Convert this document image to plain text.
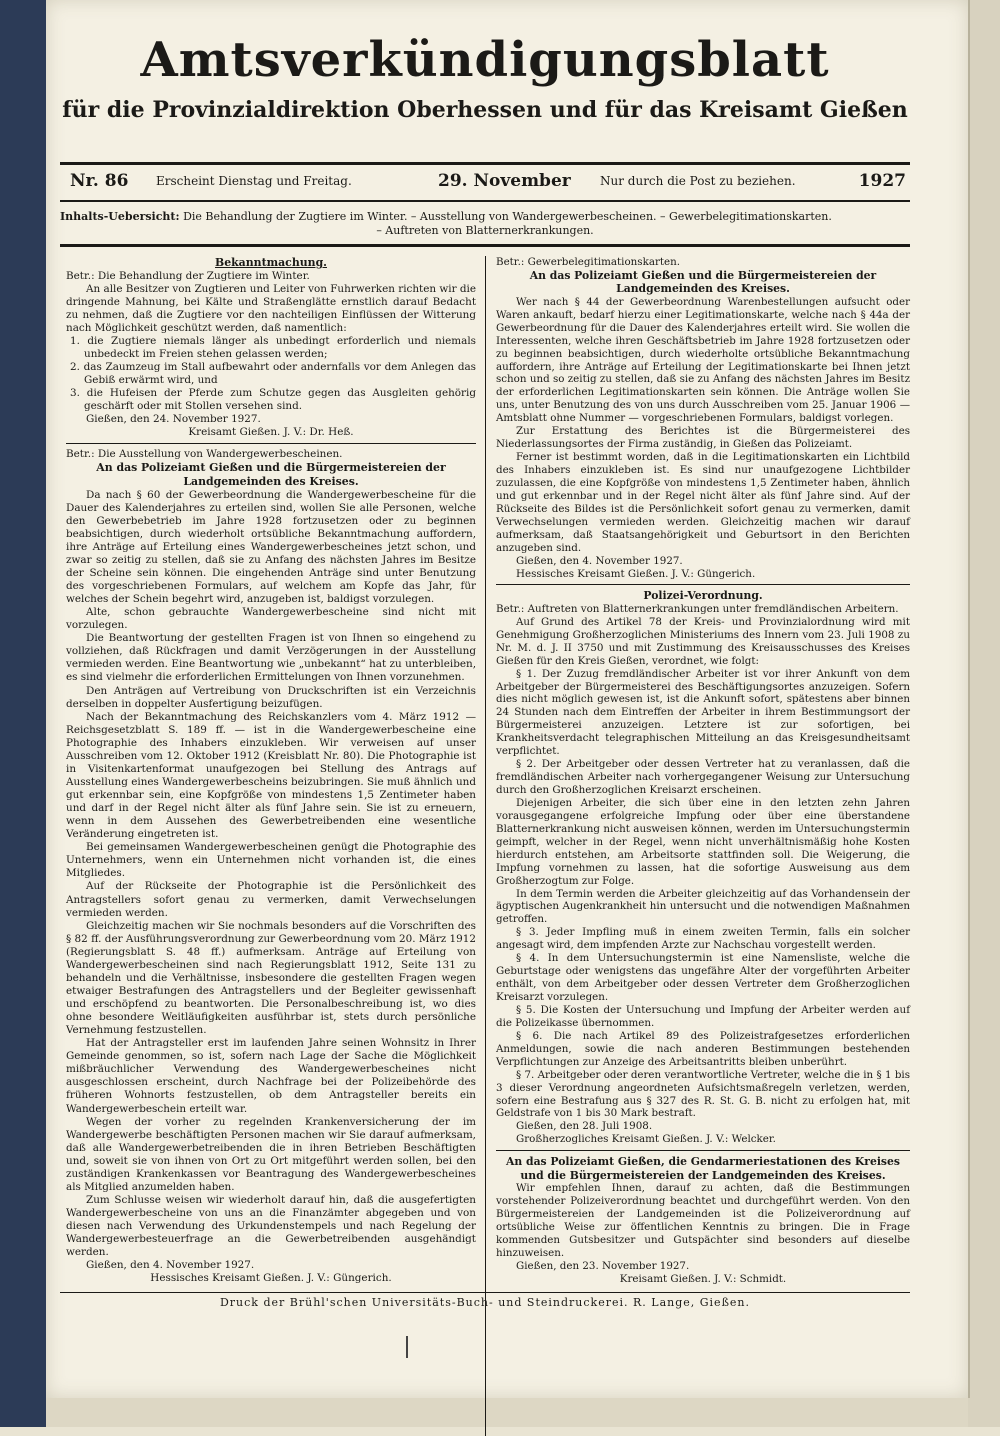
Amtsverkündigungsblatt
für die Provinzialdirektion Oberhessen und für das Kreisamt Gießen
Nr. 86 Erscheint Dienstag und Freitag.	29. November Nur durch die Post zu beziehen.	1927
Inhalts-Uebersicht: Die Behandlung der Zugtiere im Winter. – Ausstellung von Wandergewerbescheinen. – Gewerbelegitimationskarten.
– Auftreten von Blatternerkrankungen.
Bekanntmachung.

Betr.: Die Behandlung der Zugtiere im Winter.

An alle Besitzer von Zugtieren und Leiter von Fuhrwerken richten wir die dringende Mahnung, bei Kälte und Straßenglätte ernstlich darauf Bedacht zu nehmen, daß die Zugtiere vor den nachteiligen Einflüssen der Witterung nach Möglichkeit geschützt werden, daß namentlich:

1. die Zugtiere niemals länger als unbedingt erforderlich und niemals unbedeckt im Freien stehen gelassen werden;

2. das Zaumzeug im Stall aufbewahrt oder andernfalls vor dem Anlegen das Gebiß erwärmt wird, und

3. die Hufeisen der Pferde zum Schutze gegen das Ausgleiten gehörig geschärft oder mit Stollen versehen sind.

Gießen, den 24. November 1927.

Kreisamt Gießen. J. V.: Dr. Heß.

Betr.: Die Ausstellung von Wandergewerbescheinen.

An das Polizeiamt Gießen und die Bürgermeistereien der Landgemeinden des Kreises.

Da nach § 60 der Gewerbeordnung die Wandergewerbescheine für die Dauer des Kalenderjahres zu erteilen sind, wollen Sie alle Personen, welche den Gewerbebetrieb im Jahre 1928 fortzusetzen oder zu beginnen beabsichtigen, durch wiederholt ortsübliche Bekanntmachung auffordern, ihre Anträge auf Erteilung eines Wandergewerbescheines jetzt schon, und zwar so zeitig zu stellen, daß sie zu Anfang des nächsten Jahres im Besitze der Scheine sein können. Die eingehenden Anträge sind unter Benutzung des vorgeschriebenen Formulars, auf welchem am Kopfe das Jahr, für welches der Schein begehrt wird, anzugeben ist, baldigst vorzulegen.

Alte, schon gebrauchte Wandergewerbescheine sind nicht mit vorzulegen.

Die Beantwortung der gestellten Fragen ist von Ihnen so eingehend zu vollziehen, daß Rückfragen und damit Verzögerungen in der Ausstellung vermieden werden. Eine Beantwortung wie „unbekannt“ hat zu unterbleiben, es sind vielmehr die erforderlichen Ermittelungen von Ihnen vorzunehmen.

Den Anträgen auf Vertreibung von Druckschriften ist ein Verzeichnis derselben in doppelter Ausfertigung beizufügen.

Nach der Bekanntmachung des Reichskanzlers vom 4. März 1912 — Reichsgesetzblatt S. 189 ff. — ist in die Wandergewerbescheine eine Photographie des Inhabers einzukleben. Wir verweisen auf unser Ausschreiben vom 12. Oktober 1912 (Kreisblatt Nr. 80). Die Photographie ist in Visitenkartenformat unaufgezogen bei Stellung des Antrags auf Ausstellung eines Wandergewerbescheins beizubringen. Sie muß ähnlich und gut erkennbar sein, eine Kopfgröße von mindestens 1,5 Zentimeter haben und darf in der Regel nicht älter als fünf Jahre sein. Sie ist zu erneuern, wenn in dem Aussehen des Gewerbetreibenden eine wesentliche Veränderung eingetreten ist.

Bei gemeinsamen Wandergewerbescheinen genügt die Photographie des Unternehmers, wenn ein Unternehmen nicht vorhanden ist, die eines Mitgliedes.

Auf der Rückseite der Photographie ist die Persönlichkeit des Antragstellers sofort genau zu vermerken, damit Verwechselungen vermieden werden.

Gleichzeitig machen wir Sie nochmals besonders auf die Vorschriften des § 82 ff. der Ausführungsverordnung zur Gewerbeordnung vom 20. März 1912 (Regierungsblatt S. 48 ff.) aufmerksam. Anträge auf Erteilung von Wandergewerbescheinen sind nach Regierungsblatt 1912, Seite 131 zu behandeln und die Verhältnisse, insbesondere die gestellten Fragen wegen etwaiger Bestrafungen des Antragstellers und der Begleiter gewissenhaft und erschöpfend zu beantworten. Die Personalbeschreibung ist, wo dies ohne besondere Weitläufigkeiten ausführbar ist, stets durch persönliche Vernehmung festzustellen.

Hat der Antragsteller erst im laufenden Jahre seinen Wohnsitz in Ihrer Gemeinde genommen, so ist, sofern nach Lage der Sache die Möglichkeit mißbräuchlicher Verwendung des Wandergewerbescheines nicht ausgeschlossen erscheint, durch Nachfrage bei der Polizeibehörde des früheren Wohnorts festzustellen, ob dem Antragsteller bereits ein Wandergewerbeschein erteilt war.

Wegen der vorher zu regelnden Krankenversicherung der im Wandergewerbe beschäftigten Personen machen wir Sie darauf aufmerksam, daß alle Wandergewerbetreibenden die in ihren Betrieben Beschäftigten und, soweit sie von ihnen von Ort zu Ort mitgeführt werden sollen, bei den zuständigen Krankenkassen vor Beantragung des Wandergewerbescheines als Mitglied anzumelden haben.

Zum Schlusse weisen wir wiederholt darauf hin, daß die ausgefertigten Wandergewerbescheine von uns an die Finanzämter abgegeben und von diesen nach Verwendung des Urkundenstempels und nach Regelung der Wandergewerbesteuerfrage an die Gewerbetreibenden ausgehändigt werden.

Gießen, den 4. November 1927.

Hessisches Kreisamt Gießen. J. V.: Güngerich.

Betr.: Gewerbelegitimationskarten.

An das Polizeiamt Gießen und die Bürgermeistereien der Landgemeinden des Kreises.

Wer nach § 44 der Gewerbeordnung Warenbestellungen aufsucht oder Waren ankauft, bedarf hierzu einer Legitimationskarte, welche nach § 44a der Gewerbeordnung für die Dauer des Kalenderjahres erteilt wird. Sie wollen die Interessenten, welche ihren Geschäftsbetrieb im Jahre 1928 fortzusetzen oder zu beginnen beabsichtigen, durch wiederholte ortsübliche Bekanntmachung auffordern, ihre Anträge auf Erteilung der Legitimationskarte bei Ihnen jetzt schon und so zeitig zu stellen, daß sie zu Anfang des nächsten Jahres im Besitz der erforderlichen Legitimationskarten sein können. Die Anträge wollen Sie uns, unter Benutzung des von uns durch Ausschreiben vom 25. Januar 1906 — Amtsblatt ohne Nummer — vorgeschriebenen Formulars, baldigst vorlegen.

Zur Erstattung des Berichtes ist die Bürgermeisterei des Niederlassungsortes der Firma zuständig, in Gießen das Polizeiamt.

Ferner ist bestimmt worden, daß in die Legitimationskarten ein Lichtbild des Inhabers einzukleben ist. Es sind nur unaufgezogene Lichtbilder zuzulassen, die eine Kopfgröße von mindestens 1,5 Zentimeter haben, ähnlich und gut erkennbar und in der Regel nicht älter als fünf Jahre sind. Auf der Rückseite des Bildes ist die Persönlichkeit sofort genau zu vermerken, damit Verwechselungen vermieden werden. Gleichzeitig machen wir darauf aufmerksam, daß Staatsangehörigkeit und Geburtsort in den Berichten anzugeben sind.

Gießen, den 4. November 1927.

Hessisches Kreisamt Gießen. J. V.: Güngerich.

Polizei-Verordnung.

Betr.: Auftreten von Blatternerkrankungen unter fremdländischen Arbeitern.

Auf Grund des Artikel 78 der Kreis- und Provinzialordnung wird mit Genehmigung Großherzoglichen Ministeriums des Innern vom 23. Juli 1908 zu Nr. M. d. J. II 3750 und mit Zustimmung des Kreisausschusses des Kreises Gießen für den Kreis Gießen, verordnet, wie folgt:

§ 1. Der Zuzug fremdländischer Arbeiter ist vor ihrer Ankunft von dem Arbeitgeber der Bürgermeisterei des Beschäftigungsortes anzuzeigen. Sofern dies nicht möglich gewesen ist, ist die Ankunft sofort, spätestens aber binnen 24 Stunden nach dem Eintreffen der Arbeiter in ihrem Bestimmungsort der Bürgermeisterei anzuzeigen. Letztere ist zur sofortigen, bei Krankheitsverdacht telegraphischen Mitteilung an das Kreisgesundheitsamt verpflichtet.

§ 2. Der Arbeitgeber oder dessen Vertreter hat zu veranlassen, daß die fremdländischen Arbeiter nach vorhergegangener Weisung zur Untersuchung durch den Großherzoglichen Kreisarzt erscheinen.

Diejenigen Arbeiter, die sich über eine in den letzten zehn Jahren vorausgegangene erfolgreiche Impfung oder über eine überstandene Blatternerkrankung nicht ausweisen können, werden im Untersuchungstermin geimpft, welcher in der Regel, wenn nicht unverhältnismäßig hohe Kosten hierdurch entstehen, am Arbeitsorte stattfinden soll. Die Weigerung, die Impfung vornehmen zu lassen, hat die sofortige Ausweisung aus dem Großherzogtum zur Folge.

In dem Termin werden die Arbeiter gleichzeitig auf das Vorhandensein der ägyptischen Augenkrankheit hin untersucht und die notwendigen Maßnahmen getroffen.

§ 3. Jeder Impfling muß in einem zweiten Termin, falls ein solcher angesagt wird, dem impfenden Arzte zur Nachschau vorgestellt werden.

§ 4. In dem Untersuchungstermin ist eine Namensliste, welche die Geburtstage oder wenigstens das ungefähre Alter der vorgeführten Arbeiter enthält, von dem Arbeitgeber oder dessen Vertreter dem Großherzoglichen Kreisarzt vorzulegen.

§ 5. Die Kosten der Untersuchung und Impfung der Arbeiter werden auf die Polizeikasse übernommen.

§ 6. Die nach Artikel 89 des Polizeistrafgesetzes erforderlichen Anmeldungen, sowie die nach anderen Bestimmungen bestehenden Verpflichtungen zur Anzeige des Arbeitsantritts bleiben unberührt.

§ 7. Arbeitgeber oder deren verantwortliche Vertreter, welche die in § 1 bis 3 dieser Verordnung angeordneten Aufsichtsmaßregeln verletzen, werden, sofern eine Bestrafung aus § 327 des R. St. G. B. nicht zu erfolgen hat, mit Geldstrafe von 1 bis 30 Mark bestraft.

Gießen, den 28. Juli 1908.

Großherzogliches Kreisamt Gießen. J. V.: Welcker.

An das Polizeiamt Gießen, die Gendarmeriestationen des Kreises und die Bürgermeistereien der Landgemeinden des Kreises.

Wir empfehlen Ihnen, darauf zu achten, daß die Bestimmungen vorstehender Polizeiverordnung beachtet und durchgeführt werden. Von den Bürgermeistereien der Landgemeinden ist die Polizeiverordnung auf ortsübliche Weise zur öffentlichen Kenntnis zu bringen. Die in Frage kommenden Gutsbesitzer und Gutspächter sind besonders auf dieselbe hinzuweisen.

Gießen, den 23. November 1927.

Kreisamt Gießen. J. V.: Schmidt.

Druck der Brühl'schen Universitäts-Buch- und Steindruckerei. R. Lange, Gießen.
